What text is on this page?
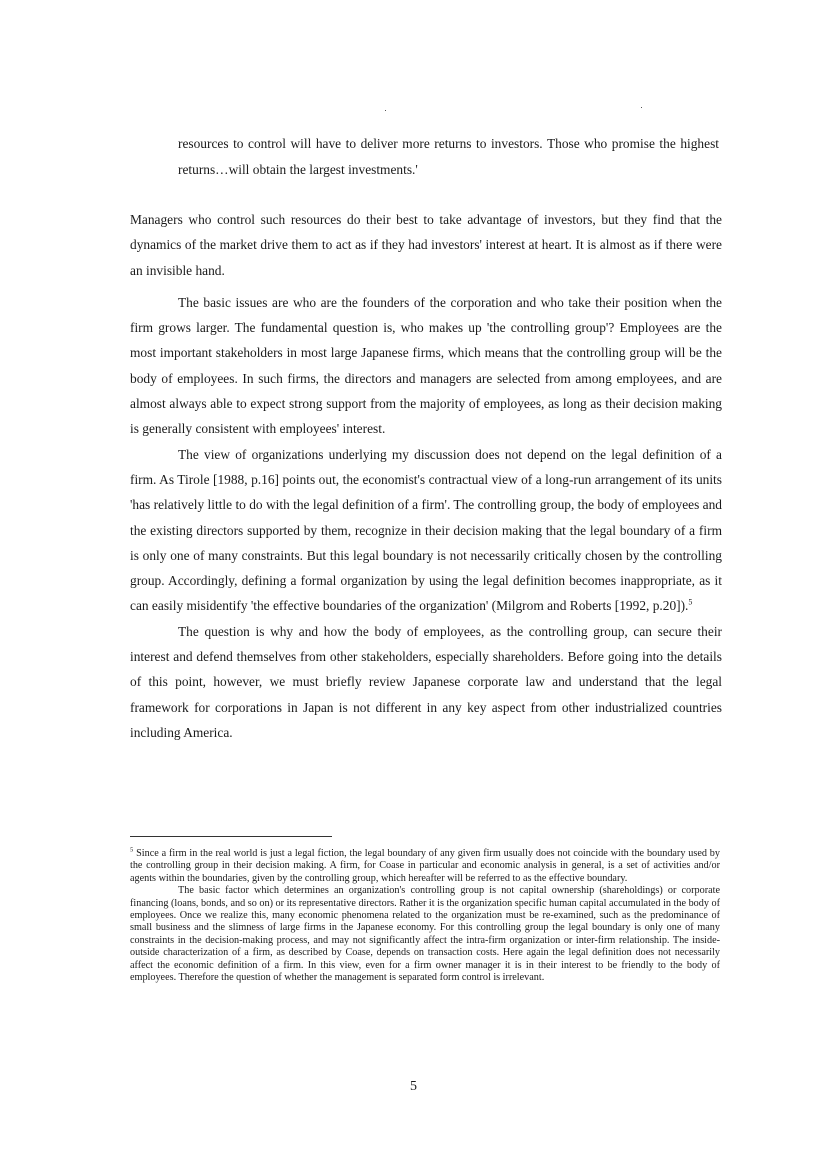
resources to control will have to deliver more returns to investors. Those who promise the highest returns…will obtain the largest investments.'

Managers who control such resources do their best to take advantage of investors, but they find that the dynamics of the market drive them to act as if they had investors' interest at heart. It is almost as if there were an invisible hand.

The basic issues are who are the founders of the corporation and who take their position when the firm grows larger. The fundamental question is, who makes up 'the controlling group'? Employees are the most important stakeholders in most large Japanese firms, which means that the controlling group will be the body of employees. In such firms, the directors and managers are selected from among employees, and are almost always able to expect strong support from the majority of employees, as long as their decision making is generally consistent with employees' interest.

The view of organizations underlying my discussion does not depend on the legal definition of a firm. As Tirole [1988, p.16] points out, the economist's contractual view of a long-run arrangement of its units 'has relatively little to do with the legal definition of a firm'. The controlling group, the body of employees and the existing directors supported by them, recognize in their decision making that the legal boundary of a firm is only one of many constraints. But this legal boundary is not necessarily critically chosen by the controlling group. Accordingly, defining a formal organization by using the legal definition becomes inappropriate, as it can easily misidentify 'the effective boundaries of the organization' (Milgrom and Roberts [1992, p.20]).$^5$

The question is why and how the body of employees, as the controlling group, can secure their interest and defend themselves from other stakeholders, especially shareholders. Before going into the details of this point, however, we must briefly review Japanese corporate law and understand that the legal framework for corporations in Japan is not different in any key aspect from other industrialized countries including America.

$^5$ Since a firm in the real world is just a legal fiction, the legal boundary of any given firm usually does not coincide with the boundary used by the controlling group in their decision making. A firm, for Coase in particular and economic analysis in general, is a set of activities and/or agents within the boundaries, given by the controlling group, which hereafter will be referred to as the effective boundary.

The basic factor which determines an organization's controlling group is not capital ownership (shareholdings) or corporate financing (loans, bonds, and so on) or its representative directors. Rather it is the organization specific human capital accumulated in the body of employees. Once we realize this, many economic phenomena related to the organization must be re-examined, such as the predominance of small business and the slimness of large firms in the Japanese economy. For this controlling group the legal boundary is only one of many constraints in the decision-making process, and may not significantly affect the intra-firm organization or inter-firm relationship. The inside-outside characterization of a firm, as described by Coase, depends on transaction costs. Here again the legal definition does not necessarily affect the economic definition of a firm. In this view, even for a firm owner manager it is in their interest to be friendly to the body of employees. Therefore the question of whether the management is separated form control is irrelevant.

5
